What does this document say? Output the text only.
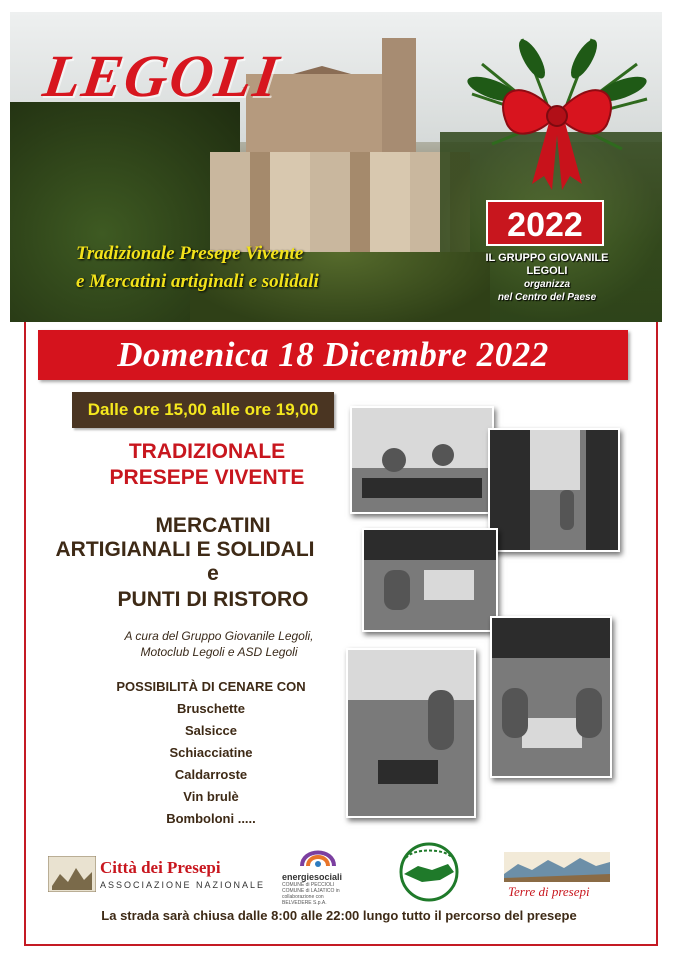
LEGOLI
Tradizionale Presepe Vivente
e Mercatini artiginali e solidali
2022
IL GRUPPO GIOVANILE
LEGOLI
organizza
nel Centro del Paese
Domenica 18 Dicembre 2022
Dalle ore 15,00 alle ore 19,00
TRADIZIONALE
PRESEPE VIVENTE
MERCATINI
ARTIGIANALI E SOLIDALI
e
PUNTI DI RISTORO
A cura del Gruppo Giovanile Legoli,
Motoclub Legoli e ASD Legoli
POSSIBILITÀ DI CENARE CON
Bruschette
Salsicce
Schiacciatine
Caldarroste
Vin brulè
Bomboloni .....
Città dei Presepi
ASSOCIAZIONE NAZIONALE
energiesociali
COMUNE di PECCIOLI COMUNE di LAJATICO in collaborazione con BELVEDERE S.p.A.
Terre di presepi
La strada sarà chiusa dalle 8:00 alle 22:00 lungo tutto il percorso del presepe
